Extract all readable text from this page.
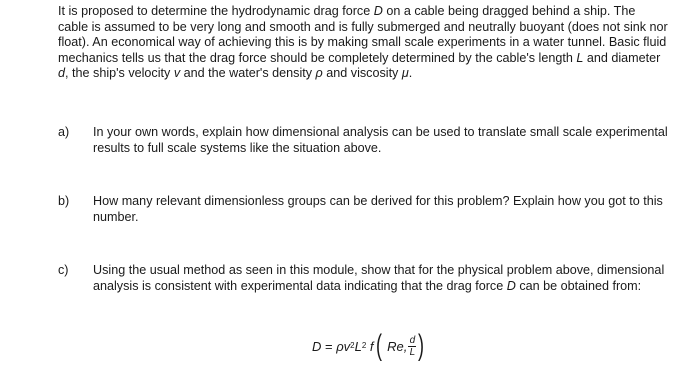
It is proposed to determine the hydrodynamic drag force D on a cable being dragged behind a ship. The cable is assumed to be very long and smooth and is fully submerged and neutrally buoyant (does not sink nor float). An economical way of achieving this is by making small scale experiments in a water tunnel. Basic fluid mechanics tells us that the drag force should be completely determined by the cable's length L and diameter d, the ship's velocity v and the water's density ρ and viscosity μ.

a) In your own words, explain how dimensional analysis can be used to translate small scale experimental results to full scale systems like the situation above.
b) How many relevant dimensionless groups can be derived for this problem? Explain how you got to this number.
c) Using the usual method as seen in this module, show that for the physical problem above, dimensional analysis is consistent with experimental data indicating that the drag force D can be obtained from:
D = ρ $v^2$ $L^2$ f ( Re, $\frac{d}{L}$ )
